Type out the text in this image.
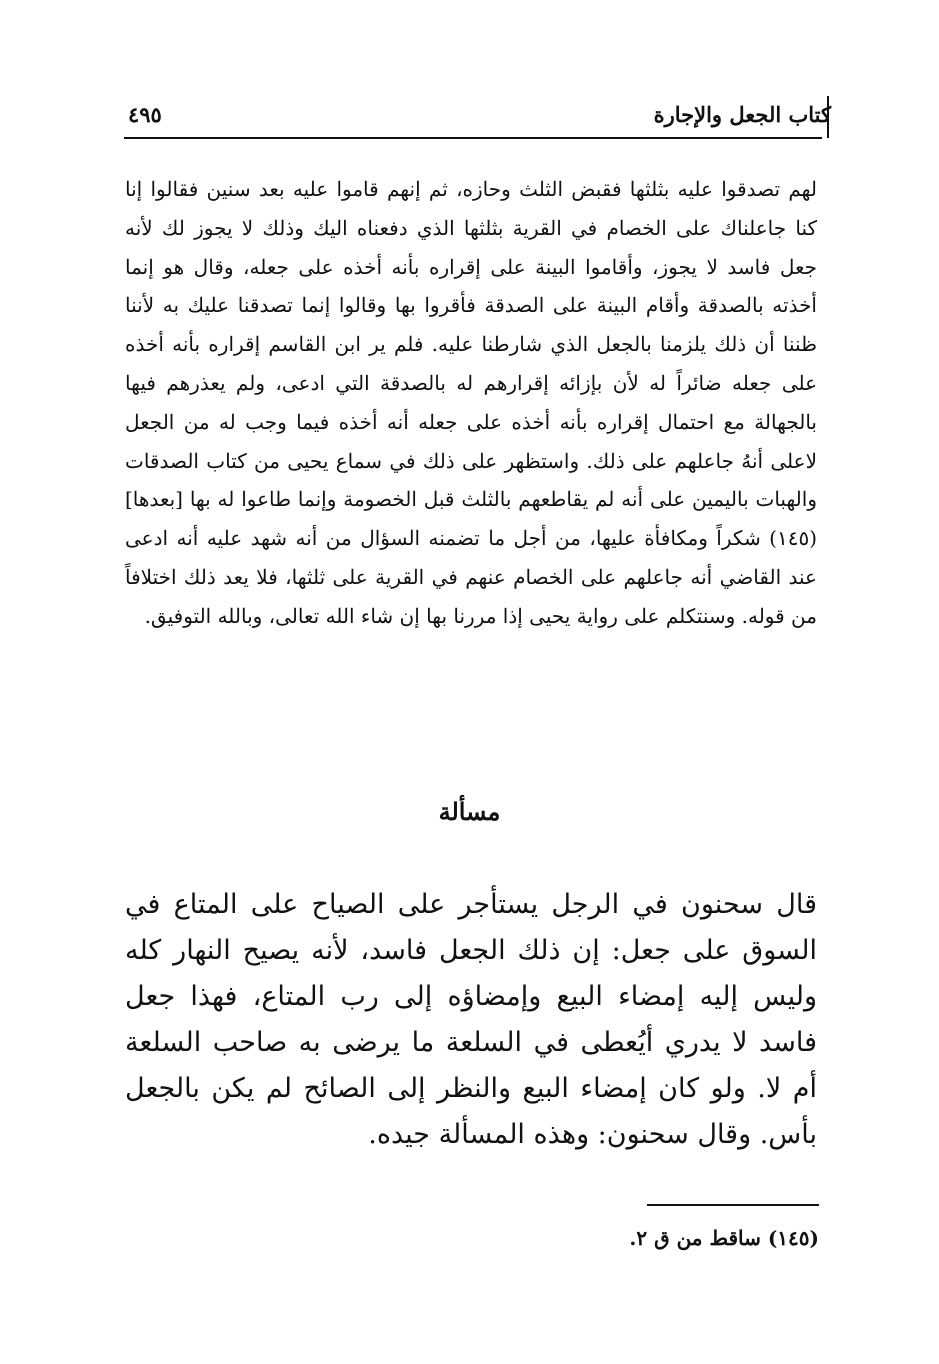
كتاب الجعل والإجارة
٤٩٥

لهم تصدقوا عليه بثلثها فقبض الثلث وحازه، ثم إنهم قاموا عليه بعد سنين فقالوا إنا كنا جاعلناك على الخصام في القرية بثلثها الذي دفعناه اليك وذلك لا يجوز لك لأنه جعل فاسد لا يجوز، وأقاموا البينة على إقراره بأنه أخذه على جعله، وقال هو إنما أخذته بالصدقة وأقام البينة على الصدقة فأقروا بها وقالوا إنما تصدقنا عليك به لأننا ظننا أن ذلك يلزمنا بالجعل الذي شارطنا عليه. فلم ير ابن القاسم إقراره بأنه أخذه على جعله ضائراً له لأن بإزائه إقرارهم له بالصدقة التي ادعى، ولم يعذرهم فيها بالجهالة مع احتمال إقراره بأنه أخذه على جعله أنه أخذه فيما وجب له من الجعل لاعلى أنهُ جاعلهم على ذلك. واستظهر على ذلك في سماع يحيى من كتاب الصدقات والهبات باليمين على أنه لم يقاطعهم بالثلث قبل الخصومة وإنما طاعوا له بها [بعدها](١٤٥) شكراً ومكافأة عليها، من أجل ما تضمنه السؤال من أنه شهد عليه أنه ادعى عند القاضي أنه جاعلهم على الخصام عنهم في القرية على ثلثها، فلا يعد ذلك اختلافاً من قوله. وسنتكلم على رواية يحيى إذا مررنا بها إن شاء الله تعالى، وبالله التوفيق.

مسألة

قال سحنون في الرجل يستأجر على الصياح على المتاع في السوق على جعل: إن ذلك الجعل فاسد، لأنه يصيح النهار كله وليس إليه إمضاء البيع وإمضاؤه إلى رب المتاع، فهذا جعل فاسد لا يدري أيُعطى في السلعة ما يرضى به صاحب السلعة أم لا. ولو كان إمضاء البيع والنظر إلى الصائح لم يكن بالجعل بأس. وقال سحنون: وهذه المسألة جيده.

(١٤٥) ساقط من ق ٢.
